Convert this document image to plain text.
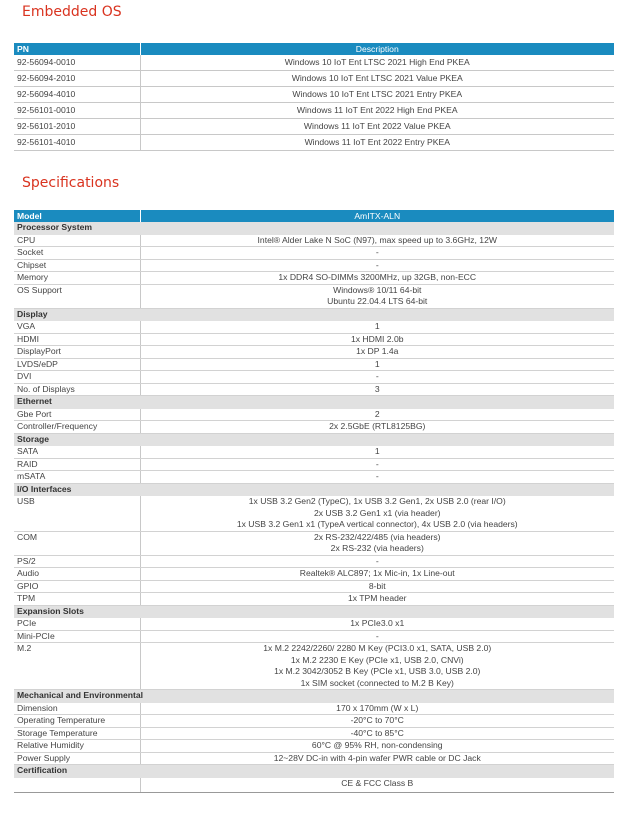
Embedded OS
PN	Description
92-56094-0010	Windows 10 IoT Ent LTSC 2021 High End PKEA
92-56094-2010	Windows 10 IoT Ent LTSC 2021 Value PKEA
92-56094-4010	Windows 10 IoT Ent LTSC 2021 Entry PKEA
92-56101-0010	Windows 11 IoT Ent 2022 High End PKEA
92-56101-2010	Windows 11 IoT Ent 2022 Value PKEA
92-56101-4010	Windows 11 IoT Ent 2022 Entry PKEA
Specifications
Model	AmITX-ALN
Processor System	
CPU	Intel® Alder Lake N SoC (N97), max speed up to 3.6GHz, 12W

Socket	-

Chipset	-

Memory	1x DDR4 SO-DIMMs 3200MHz, up 32GB, non-ECC

OS Support	Windows® 10/11 64-bit
Ubuntu 22.04.4 LTS 64-bit

Display	
VGA	1

HDMI	1x HDMI 2.0b

DisplayPort	1x DP 1.4a

LVDS/eDP	1

DVI	-

No. of Displays	3

Ethernet	
Gbe Port	2

Controller/Frequency	2x 2.5GbE (RTL8125BG)

Storage	
SATA	1

RAID	-

mSATA	-

I/O Interfaces	
USB	1x USB 3.2 Gen2 (TypeC), 1x USB 3.2 Gen1, 2x USB 2.0 (rear I/O)
2x USB 3.2 Gen1 x1 (via header)
1x USB 3.2 Gen1 x1 (TypeA vertical connector), 4x USB 2.0 (via headers)

COM	2x RS-232/422/485 (via headers)
2x RS-232 (via headers)

PS/2	-

Audio	Realtek® ALC897; 1x Mic-in, 1x Line-out

GPIO	8-bit

TPM	1x TPM header

Expansion Slots	
PCIe	1x PCIe3.0 x1

Mini-PCIe	-

M.2	1x M.2 2242/2260/ 2280 M Key (PCI3.0 x1, SATA, USB 2.0)
1x M.2 2230 E Key (PCIe x1, USB 2.0, CNVi)
1x M.2 3042/3052 B Key (PCIe x1, USB 3.0, USB 2.0)
1x SIM socket (connected to M.2 B Key)

Mechanical and Environmental	
Dimension	170 x 170mm (W x L)

Operating Temperature	-20°C to 70°C

Storage Temperature	-40°C to 85°C

Relative Humidity	60°C @ 95% RH, non-condensing

Power Supply	12~28V DC-in with 4-pin wafer PWR cable or DC Jack

Certification	

	CE & FCC Class B
